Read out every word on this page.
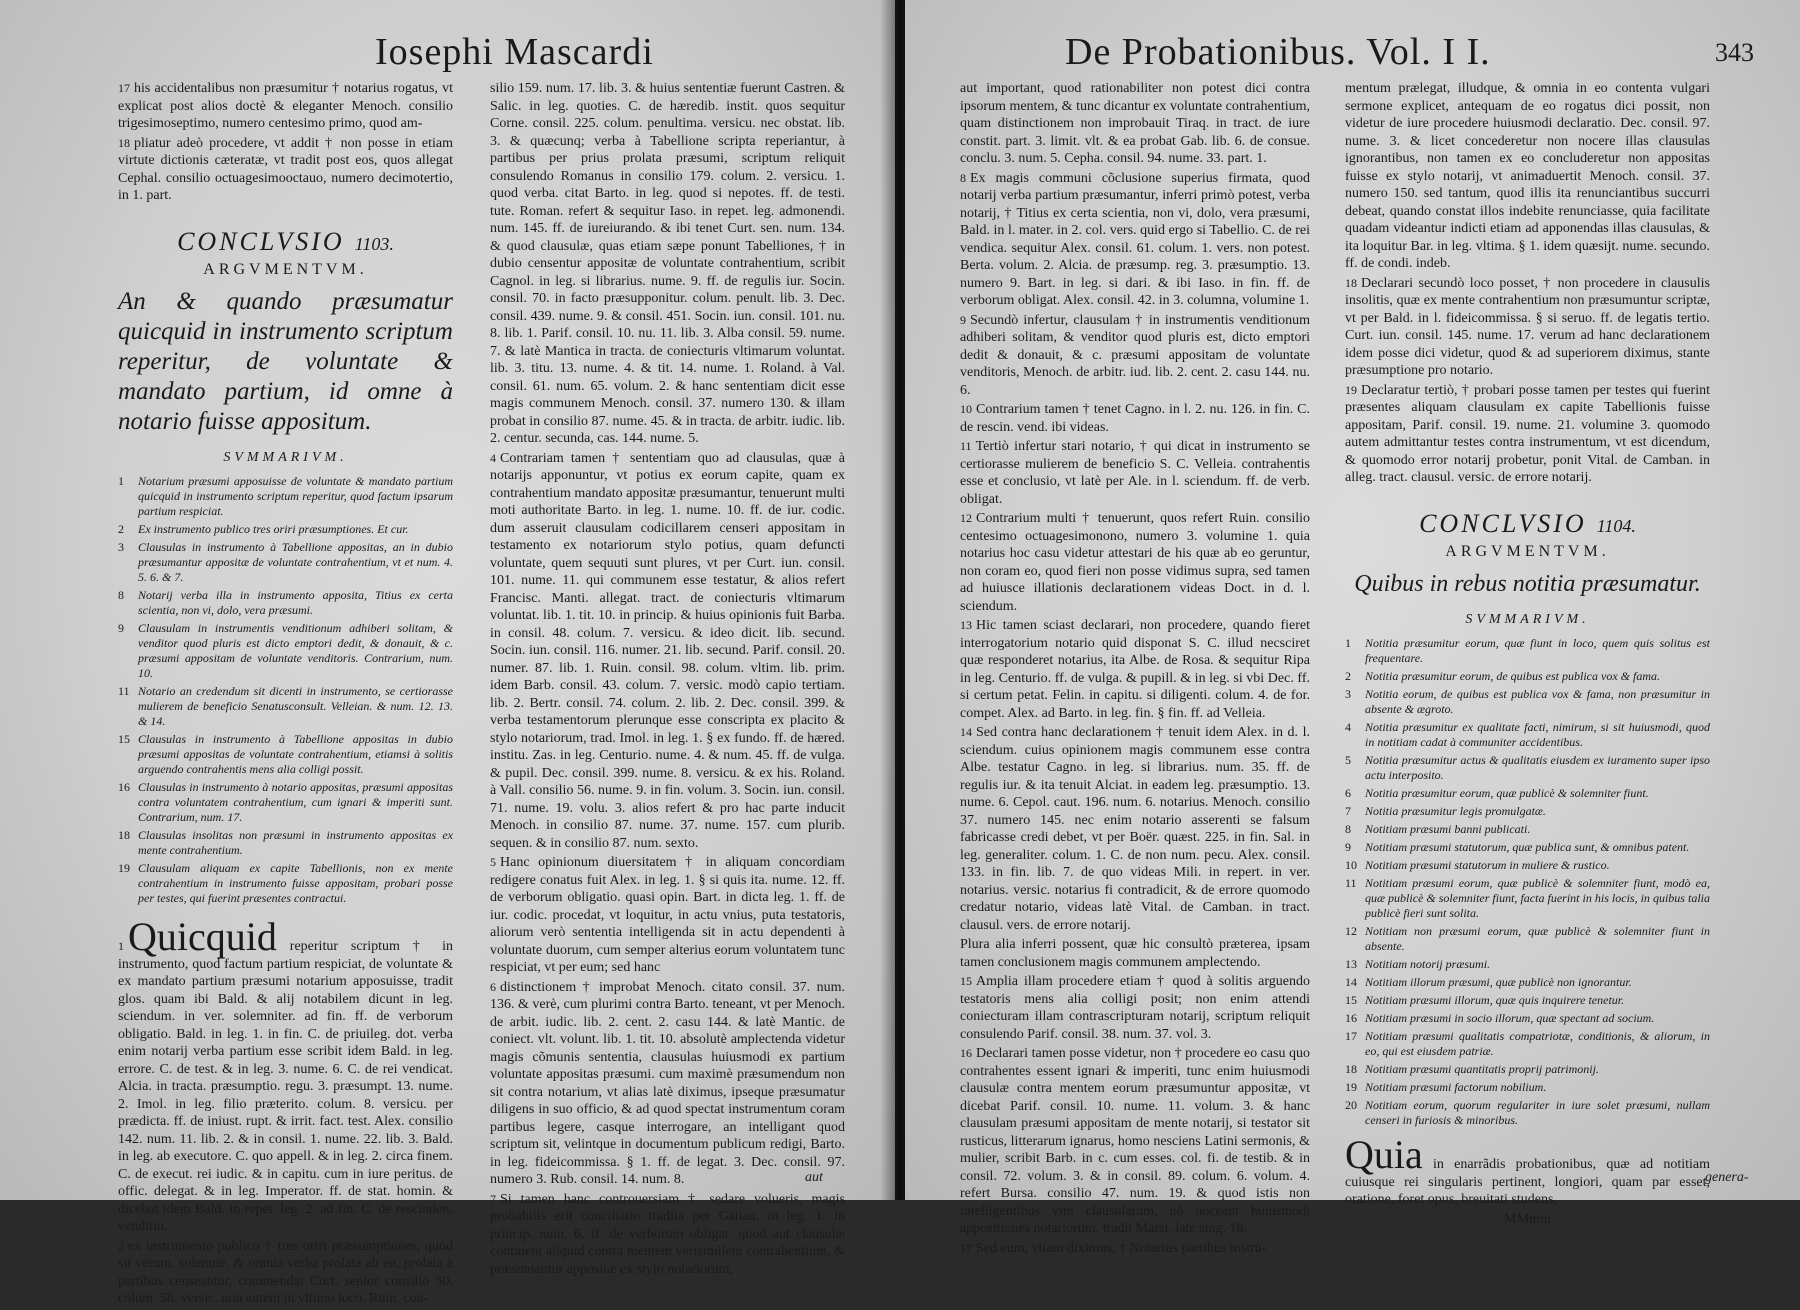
Iosephi Mascardi

17 his accidentalibus non præsumitur † notarius rogatus, vt explicat post alios doctè & eleganter Menoch. consilio trigesimoseptimo, numero centesimo primo, quod am-

18 pliatur adeò procedere, vt addit † non posse in etiam virtute dictionis cæteratæ, vt tradit post eos, quos allegat Cephal. consilio octuagesimooctauo, numero decimotertio, in 1. part.

CONCLVSIO 1103.
ARGVMENTVM.
An & quando præsumatur quicquid in instrumento scriptum reperitur, de voluntate & mandato partium, id omne à notario fuisse appositum.
SVMMARIVM.
1	Notarium præsumi apposuisse de voluntate & mandato partium quicquid in instrumento scriptum reperitur, quod factum ipsarum partium respiciat.
2	Ex instrumento publico tres oriri præsumptiones. Et cur.
3	Clausulas in instrumento à Tabellione appositas, an in dubio præsumantur appositæ de voluntate contrahentium, vt et num. 4. 5. 6. & 7.
8	Notarij verba illa in instrumento apposita, Titius ex certa scientia, non vi, dolo, vera præsumi.
9	Clausulam in instrumentis venditionum adhiberi solitam, & venditor quod pluris est dicto emptori dedit, & donauit, & c. præsumi appositam de voluntate venditoris. Contrarium, num. 10.
11 Notario an credendum sit dicenti in instrumento, se certiorasse mulierem de beneficio Senatusconsult. Velleian. & num. 12. 13. & 14.
15 Clausulas in instrumento à Tabellione appositas in dubio præsumi appositas de voluntate contrahentium, etiamsi à solitis arguendo contrahentis mens alia colligi possit.
16 Clausulas in instrumento à notario appositas, præsumi appositas contra voluntatem contrahentium, cum ignari & imperiti sunt. Contrarium, num. 17.
18 Clausulas insolitas non præsumi in instrumento appositas ex mente contrahentium.
19 Clausulam aliquam ex capite Tabellionis, non ex mente contrahentium in instrumento fuisse appositam, probari posse per testes, qui fuerint præsentes contractui.

1 Quicquid reperitur scriptum † in instrumento, quod factum partium respiciat, de voluntate & ex mandato partium præsumi notarium apposuisse, tradit glos. quam ibi Bald. & alij notabilem dicunt in leg. sciendum. in ver. solemniter. ad fin. ff. de verborum obligatio. Bald. in leg. 1. in fin. C. de priuileg. dot. verba enim notarij verba partium esse scribit idem Bald. in leg. errore. C. de test. & in leg. 3. nume. 6. C. de rei vendicat. Alcia. in tracta. præsumptio. regu. 3. præsumpt. 13. nume. 2. Imol. in leg. filio præterito. colum. 8. versicu. per prædicta. ff. de iniust. rupt. & irrit. fact. test. Alex. consilio 142. num. 11. lib. 2. & in consil. 1. nume. 22. lib. 3. Bald. in leg. ab executore. C. quo appell. & in leg. 2. circa finem. C. de execut. rei iudic. & in capitu. cum in iure peritus. de offic. delegat. & in leg. Imperator. ff. de stat. homin. & dicebat idem Bald. in repet. leg. 2. ad fin. C. de rescinden. venditio.

2 ex instrumento publico † tres oriri præsumptiones, quod sit verum, solemne, & omnia verba prolata ab eo, prolata à partibus censeantur, commendat Curt. senior consilio 50. colum. 58. versic. non autem in vltimo loco. Ruin. con-

silio 159. num. 17. lib. 3. & huius sententiæ fuerunt Castren. & Salic. in leg. quoties. C. de hæredib. instit. quos sequitur Corne. consil. 225. colum. penultima. versicu. nec obstat. lib. 3. & quæcunq; verba à Tabellione scripta reperiantur, à partibus per prius prolata præsumi, scriptum reliquit consulendo Romanus in consilio 179. colum. 2. versicu. 1. quod verba. citat Barto. in leg. quod si nepotes. ff. de testi. tute. Roman. refert & sequitur Iaso. in repet. leg. admonendi. num. 145. ff. de iureiurando. & ibi tenet Curt. sen. num. 134. & quod clausulæ, quas etiam sæpe ponunt Tabelliones, † in dubio censentur appositæ de voluntate contrahentium, scribit Cagnol. in leg. si librarius. nume. 9. ff. de regulis iur. Socin. consil. 70. in facto præsupponitur. colum. penult. lib. 3. Dec. consil. 439. nume. 9. & consil. 451. Socin. iun. consil. 101. nu. 8. lib. 1. Parif. consil. 10. nu. 11. lib. 3. Alba consil. 59. nume. 7. & latè Mantica in tracta. de coniecturis vltimarum voluntat. lib. 3. titu. 13. nume. 4. & tit. 14. nume. 1. Roland. à Val. consil. 61. num. 65. volum. 2. & hanc sententiam dicit esse magis communem Menoch. consil. 37. numero 130. & illam probat in consilio 87. nume. 45. & in tracta. de arbitr. iudic. lib. 2. centur. secunda, cas. 144. nume. 5.

4 Contrariam tamen † sententiam quo ad clausulas, quæ à notarijs apponuntur, vt potius ex eorum capite, quam ex contrahentium mandato appositæ præsumantur, tenuerunt multi moti authoritate Barto. in leg. 1. nume. 10. ff. de iur. codic. dum asseruit clausulam codicillarem censeri appositam in testamento ex notariorum stylo potius, quam defuncti voluntate, quem sequuti sunt plures, vt per Curt. iun. consil. 101. nume. 11. qui communem esse testatur, & alios refert Francisc. Manti. allegat. tract. de coniecturis vltimarum voluntat. lib. 1. tit. 10. in princip. & huius opinionis fuit Barba. in consil. 48. colum. 7. versicu. & ideo dicit. lib. secund. Socin. iun. consil. 116. numer. 21. lib. secund. Parif. consil. 20. numer. 87. lib. 1. Ruin. consil. 98. colum. vltim. lib. prim. idem Barb. consil. 43. colum. 7. versic. modò capio tertiam. lib. 2. Bertr. consil. 74. colum. 2. lib. 2. Dec. consil. 399. & verba testamentorum plerunque esse conscripta ex placito & stylo notariorum, trad. Imol. in leg. 1. § ex fundo. ff. de hæred. institu. Zas. in leg. Centurio. nume. 4. & num. 45. ff. de vulga. & pupil. Dec. consil. 399. nume. 8. versicu. & ex his. Roland. à Vall. consilio 56. nume. 9. in fin. volum. 3. Socin. iun. consil. 71. nume. 19. volu. 3. alios refert & pro hac parte inducit Menoch. in consilio 87. nume. 37. nume. 157. cum plurib. sequen. & in consilio 87. num. sexto.

5 Hanc opinionum diuersitatem † in aliquam concordiam redigere conatus fuit Alex. in leg. 1. § si quis ita. nume. 12. ff. de verborum obligatio. quasi opin. Bart. in dicta leg. 1. ff. de iur. codic. procedat, vt loquitur, in actu vnius, puta testatoris, aliorum verò sententia intelligenda sit in actu dependenti à voluntate duorum, cum semper alterius eorum voluntatem tunc respiciat, vt per eum; sed hanc

6 distinctionem † improbat Menoch. citato consil. 37. num. 136. & verè, cum plurimi contra Barto. teneant, vt per Menoch. de arbit. iudic. lib. 2. cent. 2. casu 144. & latè Mantic. de coniect. vlt. volunt. lib. 1. tit. 10. absolutè amplectenda videtur magis cõmunis sententia, clausulas huiusmodi ex partium voluntate appositas præsumi. cum maximè præsumendum non sit contra notarium, vt alias latè diximus, ipseque præsumatur diligens in suo officio, & ad quod spectat instrumentum coram partibus legere, casque interrogare, an intelligant quod scriptum sit, velintque in documentum publicum redigi, Barto. in leg. fideicommissa. § 1. ff. de legat. 3. Dec. consil. 97. numero 3. Rub. consil. 14. num. 8.

7 Si tamen hanc controuersiam † sedare volueris, magis probabilis erit conciliatio tradita per Galiau. in leg. 1. in princip. num. 6. ff. de verborum obligat. quod aut clausulæ continent aliquid contra mentem verisimilem contrahentium, & præsumantur appositæ ex stylo notariorum,

aut
De Probationibus. Vol. I I.	343

aut important, quod rationabiliter non potest dici contra ipsorum mentem, & tunc dicantur ex voluntate contrahentium, quam distinctionem non improbauit Tiraq. in tract. de iure constit. part. 3. limit. vlt. & ea probat Gab. lib. 6. de consue. conclu. 3. num. 5. Cepha. consil. 94. nume. 33. part. 1.

8 Ex magis communi cõclusione superius firmata, quod notarij verba partium præsumantur, inferri primò potest, verba notarij, † Titius ex certa scientia, non vi, dolo, vera præsumi, Bald. in l. mater. in 2. col. vers. quid ergo si Tabellio. C. de rei vendica. sequitur Alex. consil. 61. colum. 1. vers. non potest. Berta. volum. 2. Alcia. de præsump. reg. 3. præsumptio. 13. numero 9. Bart. in leg. si dari. & ibi Iaso. in fin. ff. de verborum obligat. Alex. consil. 42. in 3. columna, volumine 1.

9 Secundò infertur, clausulam † in instrumentis venditionum adhiberi solitam, & venditor quod pluris est, dicto emptori dedit & donauit, & c. præsumi appositam de voluntate venditoris, Menoch. de arbitr. iud. lib. 2. cent. 2. casu 144. nu. 6.

10 Contrarium tamen † tenet Cagno. in l. 2. nu. 126. in fin. C. de rescin. vend. ibi videas.

11 Tertiò infertur stari notario, † qui dicat in instrumento se certiorasse mulierem de beneficio S. C. Velleia. contrahentis esse et conclusio, vt latè per Ale. in l. sciendum. ff. de verb. obligat.

12 Contrarium multi † tenuerunt, quos refert Ruin. consilio centesimo octuagesimonono, numero 3. volumine 1. quia notarius hoc casu videtur attestari de his quæ ab eo geruntur, non coram eo, quod fieri non posse vidimus supra, sed tamen ad huiusce illationis declarationem videas Doct. in d. l. sciendum.

13 Hic tamen sciast declarari, non procedere, quando fieret interrogatorium notario quid disponat S. C. illud necsciret quæ responderet notarius, ita Albe. de Rosa. & sequitur Ripa in leg. Centurio. ff. de vulga. & pupill. & in leg. si vbi Dec. ff. si certum petat. Felin. in capitu. si diligenti. colum. 4. de for. compet. Alex. ad Barto. in leg. fin. § fin. ff. ad Velleia.

14 Sed contra hanc declarationem † tenuit idem Alex. in d. l. sciendum. cuius opinionem magis communem esse contra Albe. testatur Cagno. in leg. si librarius. num. 35. ff. de regulis iur. & ita tenuit Alciat. in eadem leg. præsumptio. 13. nume. 6. Cepol. caut. 196. num. 6. notarius. Menoch. consilio 37. numero 145. nec enim notario asserenti se falsum fabricasse credi debet, vt per Boër. quæst. 225. in fin. Sal. in leg. generaliter. colum. 1. C. de non num. pecu. Alex. consil. 133. in fin. lib. 7. de quo videas Mili. in repert. in ver. notarius. versic. notarius fi contradicit, & de errore quomodo credatur notario, videas latè Vital. de Camban. in tract. clausul. vers. de errore notarij.

Plura alia inferri possent, quæ hic consultò præterea, ipsam tamen conclusionem magis communem amplectendo.

15 Amplia illam procedere etiam † quod à solitis arguendo testatoris mens alia colligi posit; non enim attendi coniecturam illam contrascripturam notarij, scriptum reliquit consulendo Parif. consil. 38. num. 37. vol. 3.

16 Declarari tamen posse videtur, non † procedere eo casu quo contrahentes essent ignari & imperiti, tunc enim huiusmodi clausulæ contra mentem eorum præsumuntur appositæ, vt dicebat Parif. consil. 10. nume. 11. volum. 3. & hanc clausulam præsumi appositam de mente notarij, si testator sit rusticus, litterarum ignarus, homo nesciens Latini sermonis, & mulier, scribit Barb. in c. cum esses. col. fi. de testib. & in consil. 72. volum. 3. & in consil. 89. colum. 6. volum. 4. refert Bursa. consilio 47. num. 19. & quod istis non intelligentibus vim clausularum, nõ noceant huiusmodi appositiones notariorum, tradit Marsi. late sing. 18.

17 Sed eum, vtiam diximus, † Notarius partibus instru-

mentum prælegat, illudque, & omnia in eo contenta vulgari sermone explicet, antequam de eo rogatus dici possit, non videtur de iure procedere huiusmodi declaratio. Dec. consil. 97. nume. 3. & licet concederetur non nocere illas clausulas ignorantibus, non tamen ex eo concluderetur non appositas fuisse ex stylo notarij, vt animaduertit Menoch. consil. 37. numero 150. sed tantum, quod illis ita renunciantibus succurri debeat, quando constat illos indebite renunciasse, quia facilitate quadam videantur indicti etiam ad apponendas illas clausulas, & ita loquitur Bar. in leg. vltima. § 1. idem quæsijt. nume. secundo. ff. de condi. indeb.

18 Declarari secundò loco posset, † non procedere in clausulis insolitis, quæ ex mente contrahentium non præsumuntur scriptæ, vt per Bald. in l. fideicommissa. § si seruo. ff. de legatis tertio. Curt. iun. consil. 145. nume. 17. verum ad hanc declarationem idem posse dici videtur, quod & ad superiorem diximus, stante præsumptione pro notario.

19 Declaratur tertiò, † probari posse tamen per testes qui fuerint præsentes aliquam clausulam ex capite Tabellionis fuisse appositam, Parif. consil. 19. nume. 21. volumine 3. quomodo autem admittantur testes contra instrumentum, vt est dicendum, & quomodo error notarij probetur, ponit Vital. de Camban. in alleg. tract. clausul. versic. de errore notarij.

CONCLVSIO 1104.
ARGVMENTVM.
Quibus in rebus notitia præsumatur.
SVMMARIVM.
1	Notitia præsumitur eorum, quæ fiunt in loco, quem quis solitus est frequentare.
2	Notitia præsumitur eorum, de quibus est publica vox & fama.
3	Notitia eorum, de quibus est publica vox & fama, non præsumitur in absente & ægroto.
4	Notitia præsumitur ex qualitate facti, nimirum, si sit huiusmodi, quod in notitiam cadat à communiter accidentibus.
5	Notitia præsumitur actus & qualitatis eiusdem ex iuramento super ipso actu interposito.
6	Notitia præsumitur eorum, quæ publicè & solemniter fiunt.
7	Notitia præsumitur legis promulgatæ.
8	Notitiam præsumi banni publicati.
9	Notitiam præsumi statutorum, quæ publica sunt, & omnibus patent.
10 Notitiam præsumi statutorum in muliere & rustico.
11 Notitiam præsumi eorum, quæ publicè & solemniter fiunt, modò ea, quæ publicè & solemniter fiunt, facta fuerint in his locis, in quibus talia publicè fieri sunt solita.
12 Notitiam non præsumi eorum, quæ publicè & solemniter fiunt in absente.
13 Notitiam notorij præsumi.
14 Notitiam illorum præsumi, quæ publicè non ignorantur.
15 Notitiam præsumi illorum, quæ quis inquirere tenetur.
16 Notitiam præsumi in socio illorum, quæ spectant ad socium.
17 Notitiam præsumi qualitatis compatriotæ, conditionis, & aliorum, in eo, qui est eiusdem patriæ.
18 Notitiam præsumi quantitatis proprij patrimonij.
19 Notitiam præsumi factorum nobilium.
20 Notitiam eorum, quorum regulariter in iure solet præsumi, nullam censeri in furiosis & minoribus.

Quia in enarrãdis probationibus, quæ ad notitiam cuiusque rei singularis pertinent, longiori, quam par esset, oratione, foret opus, breuitati studens,

MMmm
genera-
